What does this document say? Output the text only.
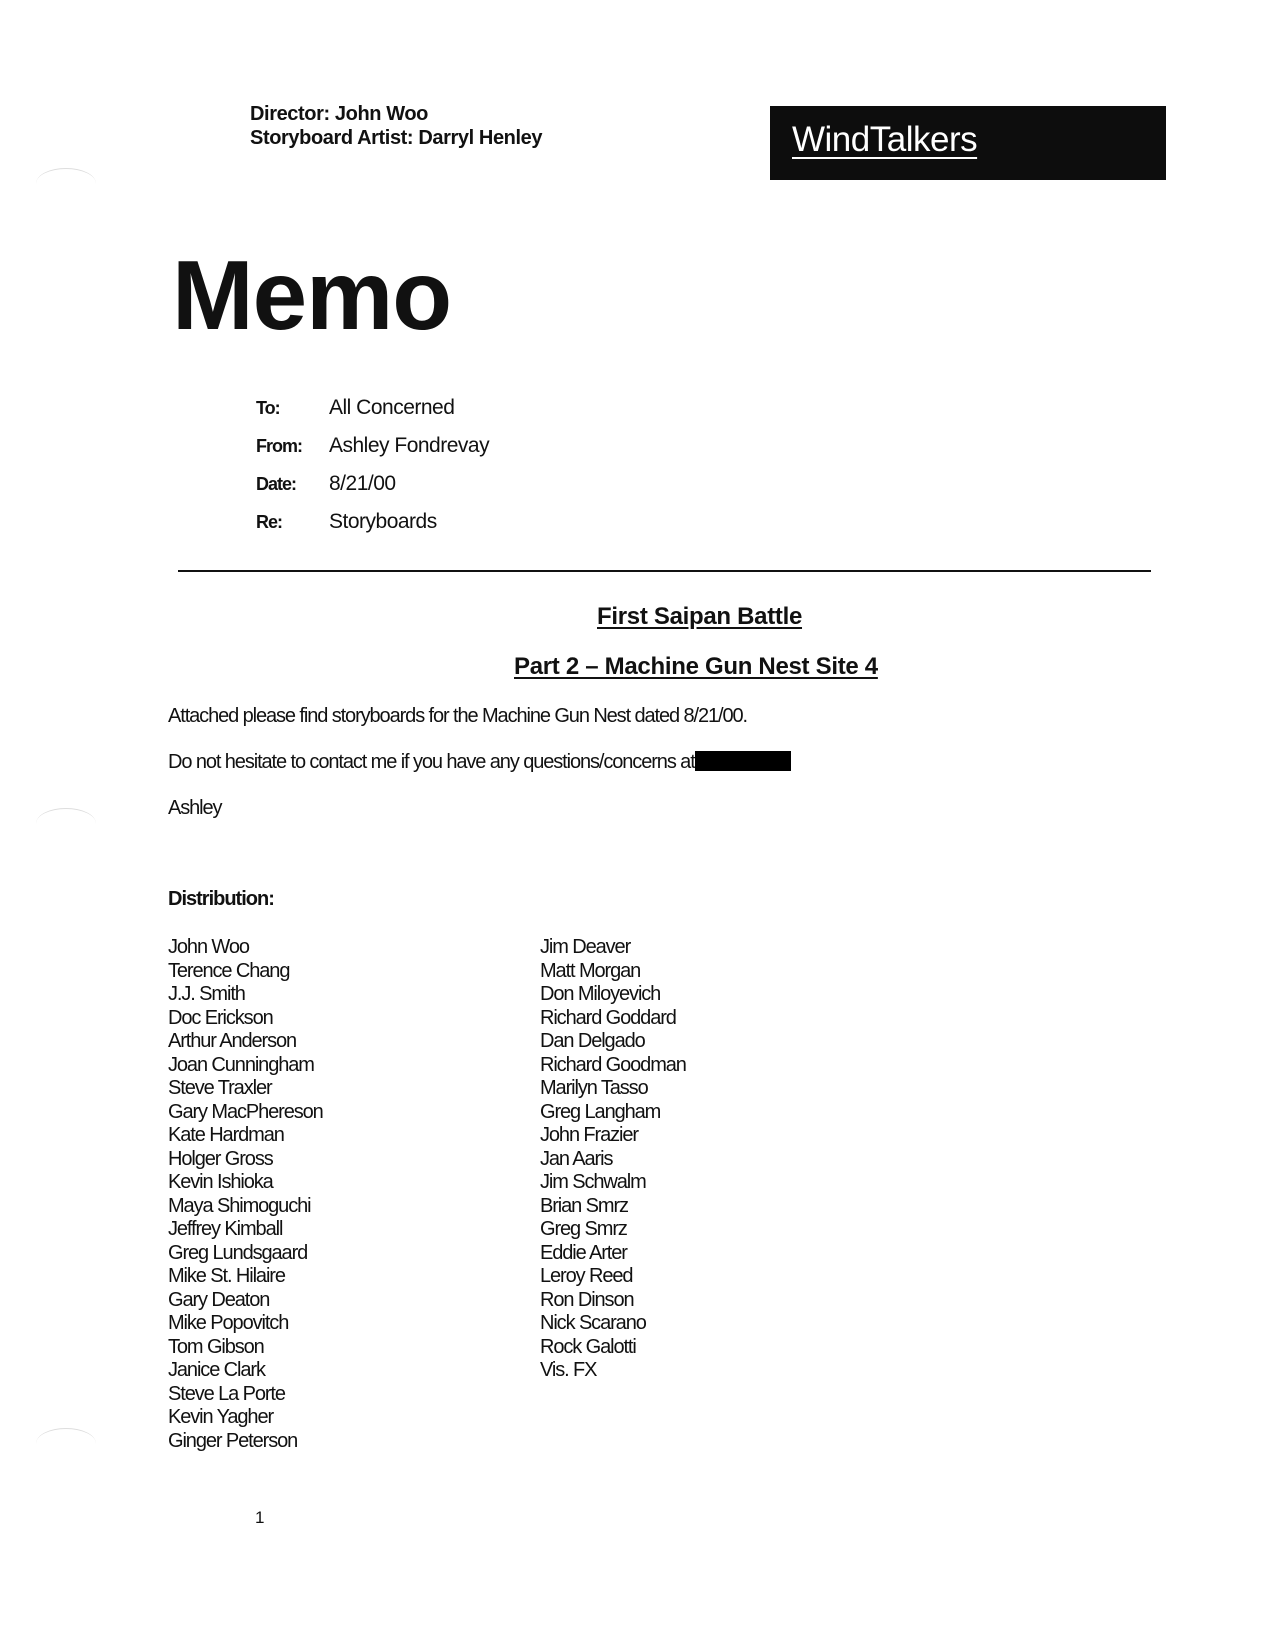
Director: John Woo
Storyboard Artist: Darryl Henley	WindTalkers
Memo
To:	All Concerned
From:	Ashley Fondrevay
Date:	8/21/00
Re:	Storyboards
First Saipan Battle
Part 2 – Machine Gun Nest Site 4
Attached please find storyboards for the Machine Gun Nest dated 8/21/00.
Do not hesitate to contact me if you have any questions/concerns at
Ashley
Distribution:
John Woo
Terence Chang
J.J. Smith
Doc Erickson
Arthur Anderson
Joan Cunningham
Steve Traxler
Gary MacPhereson
Kate Hardman
Holger Gross
Kevin Ishioka
Maya Shimoguchi
Jeffrey Kimball
Greg Lundsgaard
Mike St. Hilaire
Gary Deaton
Mike Popovitch
Tom Gibson
Janice Clark
Steve La Porte
Kevin Yagher
Ginger Peterson
Jim Deaver
Matt Morgan
Don Miloyevich
Richard Goddard
Dan Delgado
Richard Goodman
Marilyn Tasso
Greg Langham
John Frazier
Jan Aaris
Jim Schwalm
Brian Smrz
Greg Smrz
Eddie Arter
Leroy Reed
Ron Dinson
Nick Scarano
Rock Galotti
Vis. FX
1
